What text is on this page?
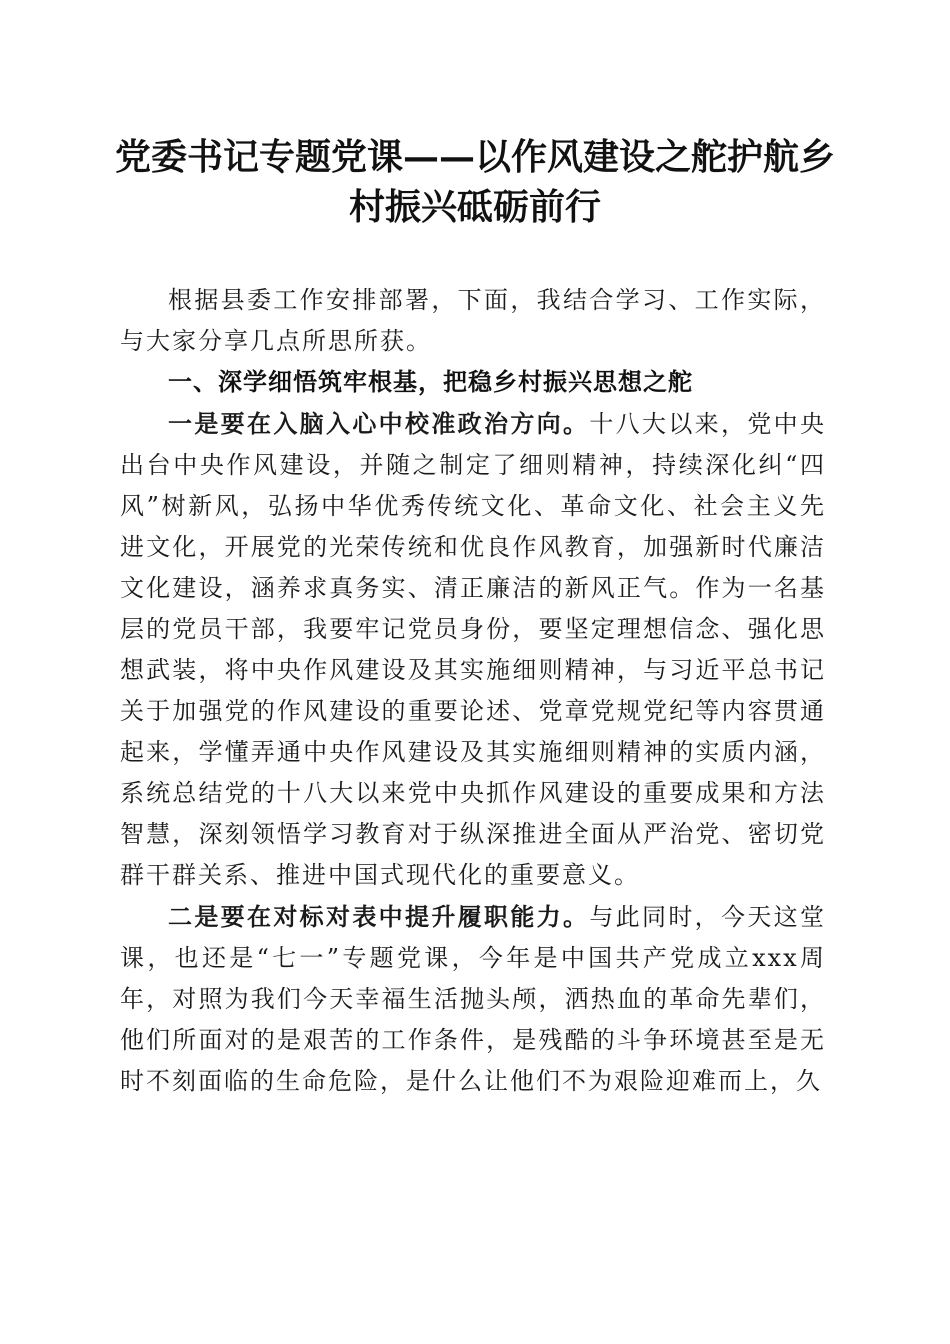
党委书记专题党课——以作风建设之舵护航乡
村振兴砥砺前行

根据县委工作安排部署，下面，我结合学习、工作实际，与大家分享几点所思所获。

一、深学细悟筑牢根基，把稳乡村振兴思想之舵

一是要在入脑入心中校准政治方向。十八大以来，党中央出台中央作风建设，并随之制定了细则精神，持续深化纠“四风”树新风，弘扬中华优秀传统文化、革命文化、社会主义先进文化，开展党的光荣传统和优良作风教育，加强新时代廉洁文化建设，涵养求真务实、清正廉洁的新风正气。作为一名基层的党员干部，我要牢记党员身份，要坚定理想信念、强化思想武装，将中央作风建设及其实施细则精神，与习近平总书记关于加强党的作风建设的重要论述、党章党规党纪等内容贯通起来，学懂弄通中央作风建设及其实施细则精神的实质内涵，系统总结党的十八大以来党中央抓作风建设的重要成果和方法智慧，深刻领悟学习教育对于纵深推进全面从严治党、密切党群干群关系、推进中国式现代化的重要意义。

二是要在对标对表中提升履职能力。与此同时，今天这堂课，也还是“七一”专题党课，今年是中国共产党成立xxx周年，对照为我们今天幸福生活抛头颅，洒热血的革命先辈们，他们所面对的是艰苦的工作条件，是残酷的斗争环境甚至是无时不刻面临的生命危险，是什么让他们不为艰险迎难而上，久
